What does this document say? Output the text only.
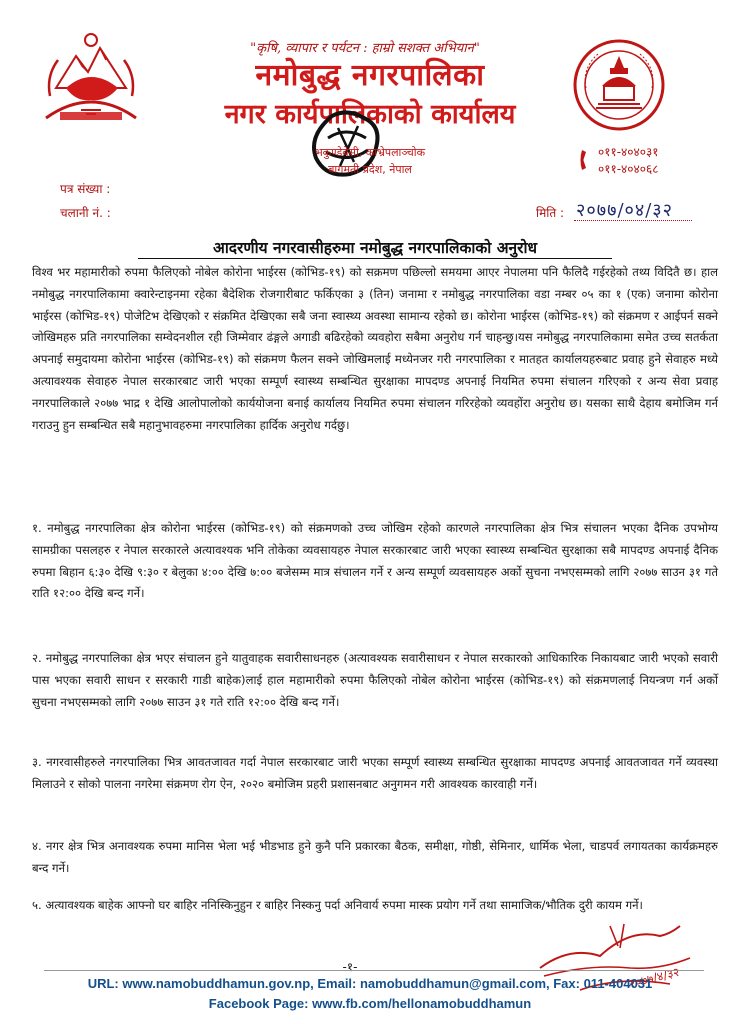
"कृषि, व्यापार र पर्यटन : हाम्रो सशक्त अभियान"
नमोबुद्ध नगरपालिका
नगर कार्यपालिकाको कार्यालय
भकुण्डेबेसी, काभ्रेपलाञ्चोक
बागमती प्रदेश, नेपाल
०११-४०४०३१
०११-४०४०६८
पत्र संख्या :
चलानी नं. :	मिति : २०७७/०४/३२
आदरणीय नगरवासीहरुमा नमोबुद्ध नगरपालिकाको अनुरोध
विश्व भर महामारीको रुपमा फैलिएको नोबेल कोरोना भाईरस (कोभिड-१९) को सक्रमण पछिल्लो समयमा आएर नेपालमा पनि फैलिदै गईरहेको तथ्य विदितै छ। हाल नमोबुद्ध नगरपालिकामा क्वारेन्टाइनमा रहेका बैदेशिक रोजगारीबाट फर्किएका ३ (तिन) जनामा र नमोबुद्ध नगरपालिका वडा नम्बर ०५ का १ (एक) जनामा कोरोना भाईरस (कोभिड-१९) पोजेटिभ देखिएको र संक्रमित देखिएका सबै जना स्वास्थ्य अवस्था सामान्य रहेको छ। कोरोना भाईरस (कोभिड-१९) को संक्रमण र आईपर्न सक्ने जोखिमहरु प्रति नगरपालिका सम्वेदनशील रही जिम्मेवार ढंङ्गले अगाडी बढिरहेको व्यवहोरा सबैमा अनुरोध गर्न चाहन्छु।यस नमोबुद्ध नगरपालिकामा समेत उच्च सतर्कता अपनाई समुदायमा कोरोना भाईरस (कोभिड-१९) को संक्रमण फैलन सक्ने जोखिमलाई मध्येनजर गरी नगरपालिका र मातहत कार्यालयहरुबाट प्रवाह हुने सेवाहरु मध्ये अत्यावश्यक सेवाहरु नेपाल सरकारबाट जारी भएका सम्पूर्ण स्वास्थ्य सम्बन्धित सुरक्षाका मापदण्ड अपनाई नियमित रुपमा संचालन गरिएको र अन्य सेवा प्रवाह नगरपालिकाले २०७७ भाद्र १ देखि आलोपालोको कार्ययोजना बनाई कार्यालय नियमित रुपमा संचालन गरिरहेको व्यवहोंरा अनुरोध छ। यसका साथै देहाय बमोजिम गर्न गराउनु हुन सम्बन्धित सबै महानुभावहरुमा नगरपालिका हार्दिक अनुरोध गर्दछु।
१. नमोबुद्ध नगरपालिका क्षेत्र कोरोना भाईरस (कोभिड-१९) को संक्रमणको उच्च जोखिम रहेको कारणले नगरपालिका क्षेत्र भित्र संचालन भएका दैनिक उपभोग्य सामग्रीका पसलहरु र नेपाल सरकारले अत्यावश्यक भनि तोकेका व्यवसायहरु नेपाल सरकारबाट जारी भएका स्वास्थ्य सम्बन्धित सुरक्षाका सबै मापदण्ड अपनाई दैनिक रुपमा बिहान ६:३० देखि ९:३० र बेलुका ४:०० देखि ७:०० बजेसम्म मात्र संचालन गर्ने र अन्य सम्पूर्ण व्यवसायहरु अर्को सुचना नभएसम्मको लागि २०७७ साउन ३१ गते राति १२:०० देखि बन्द गर्ने।
२. नमोबुद्ध नगरपालिका क्षेत्र भएर संचालन हुने यातुवाहक सवारीसाधनहरु (अत्यावश्यक सवारीसाधन र नेपाल सरकारको आधिकारिक निकायबाट जारी भएको सवारी पास भएका सवारी साधन र सरकारी गाडी बाहेक)लाई हाल महामारीको रुपमा फैलिएको नोबेल कोरोना भाईरस (कोभिड-१९) को संक्रमणलाई नियन्त्रण गर्न अर्को सुचना नभएसम्मको लागि २०७७ साउन ३१ गते राति १२:०० देखि बन्द गर्ने।
३. नगरवासीहरुले नगरपालिका भित्र आवतजावत गर्दा नेपाल सरकारबाट जारी भएका सम्पूर्ण स्वास्थ्य सम्बन्धित सुरक्षाका मापदण्ड अपनाई आवतजावत गर्ने व्यवस्था मिलाउने र सोको पालना नगरेमा संक्रमण रोग ऐन, २०२० बमोजिम प्रहरी प्रशासनबाट अनुगमन गरी आवश्यक कारवाही गर्ने।
४. नगर क्षेत्र भित्र अनावश्यक रुपमा मानिस भेला भई भीडभाड हुने कुनै पनि प्रकारका बैठक, समीक्षा, गोष्ठी, सेमिनार, धार्मिक भेला, चाडपर्व लगायतका कार्यक्रमहरु बन्द गर्ने।
५. अत्यावश्यक बाहेक आफ्नो घर बाहिर ननिस्किनुहुन र बाहिर निस्कनु पर्दा अनिवार्य रुपमा मास्क प्रयोग गर्ने तथा सामाजिक/भौतिक दुरी कायम गर्ने।
२०७७/४/३२
-१-
URL: www.namobuddhamun.gov.np, Email: namobuddhamun@gmail.com, Fax: 011-404031
Facebook Page: www.fb.com/hellonamobuddhamun
